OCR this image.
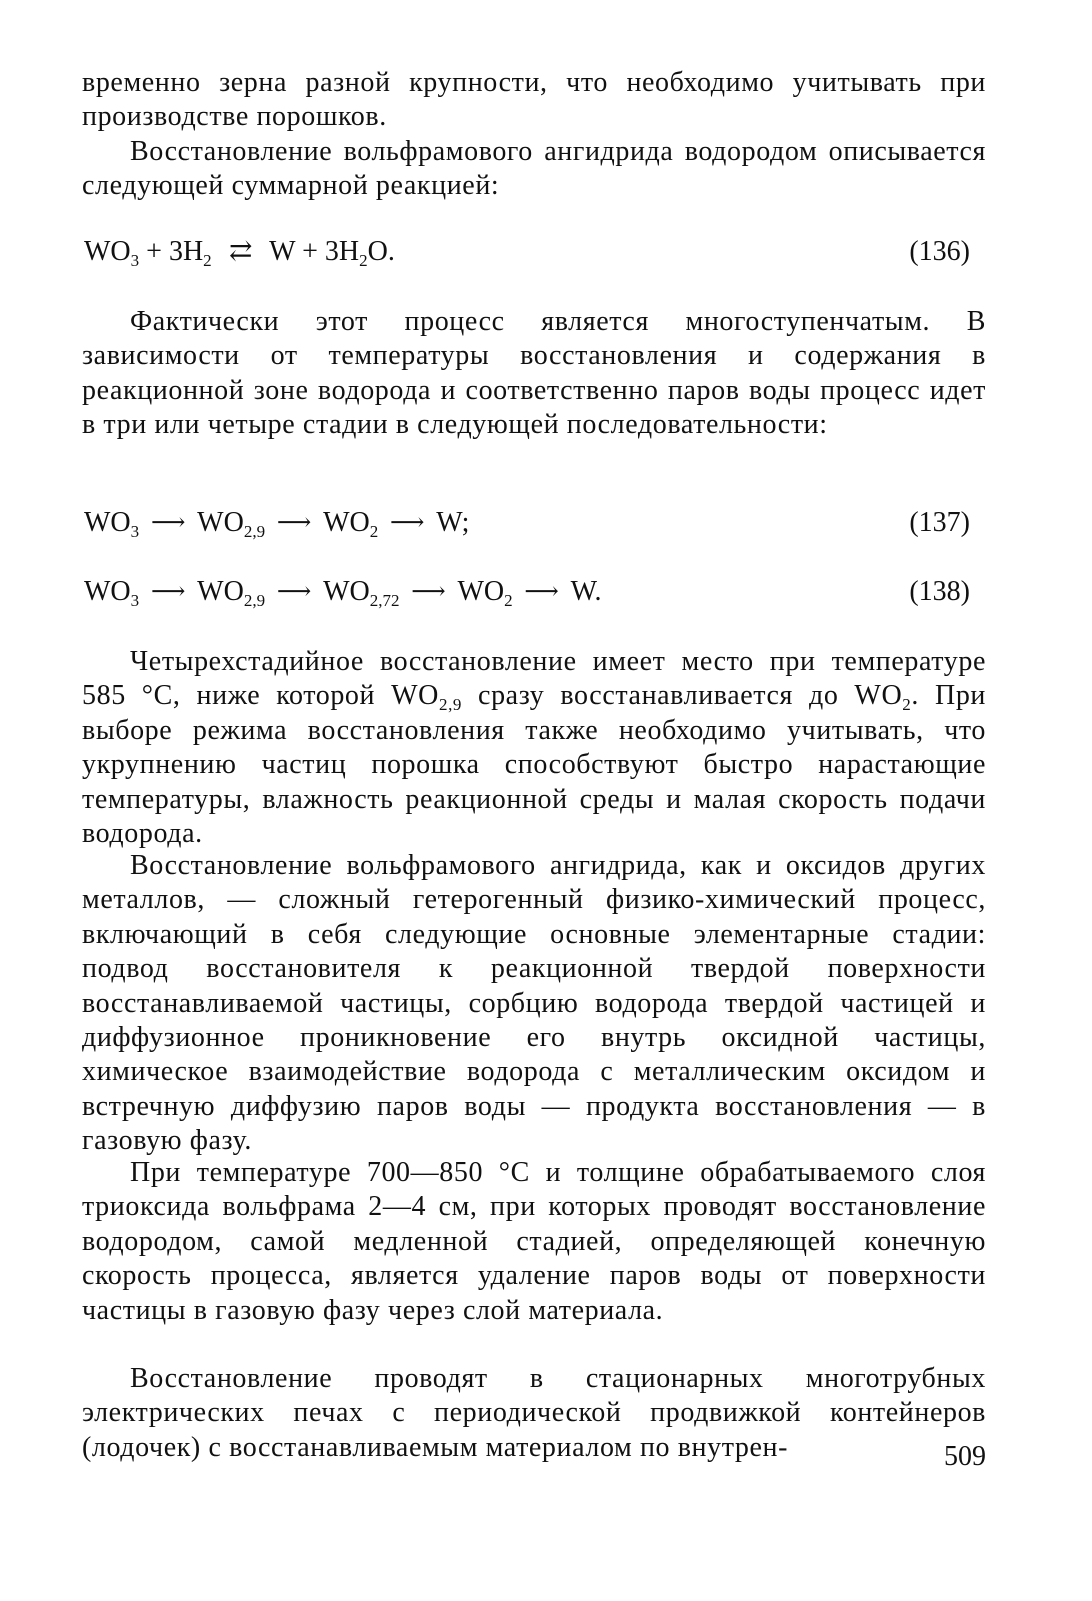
временно зерна разной крупности, что необходимо учитывать при производстве порошков.

Восстановление вольфрамового ангидрида водородом описывается следующей суммарной реакцией:

$WO_3 + 3H_2$ ⇄ $W + 3H_2O$.	(136)

Фактически этот процесс является многоступенчатым. В зависимости от температуры восстановления и содержания в реакционной зоне водорода и соответственно паров воды процесс идет в три или четыре стадии в следующей последовательности:

$WO_3$ ⟶ $WO_{2,9}$ ⟶ $WO_2$ ⟶ W;	(137)
$WO_3$ ⟶ $WO_{2,9}$ ⟶ $WO_{2,72}$ ⟶ $WO_2$ ⟶ W.	(138)

Четырехстадийное восстановление имеет место при температуре 585 °С, ниже которой $WO_{2,9}$ сразу восстанавливается до $WO_2$. При выборе режима восстановления также необходимо учитывать, что укрупнению частиц порошка способствуют быстро нарастающие температуры, влажность реакционной среды и малая скорость подачи водорода.

Восстановление вольфрамового ангидрида, как и оксидов других металлов, — сложный гетерогенный физико-химический процесс, включающий в себя следующие основные элементарные стадии: подвод восстановителя к реакционной твердой поверхности восстанавливаемой частицы, сорбцию водорода твердой частицей и диффузионное проникновение его внутрь оксидной частицы, химическое взаимодействие водорода с металлическим оксидом и встречную диффузию паров воды — продукта восстановления — в газовую фазу.

При температуре 700—850 °С и толщине обрабатываемого слоя триоксида вольфрама 2—4 см, при которых проводят восстановление водородом, самой медленной стадией, определяющей конечную скорость процесса, является удаление паров воды от поверхности частицы в газовую фазу через слой материала.

Восстановление проводят в стационарных многотрубных электрических печах с периодической продвижкой контейнеров (лодочек) с восстанавливаемым материалом по внутрен-	509
